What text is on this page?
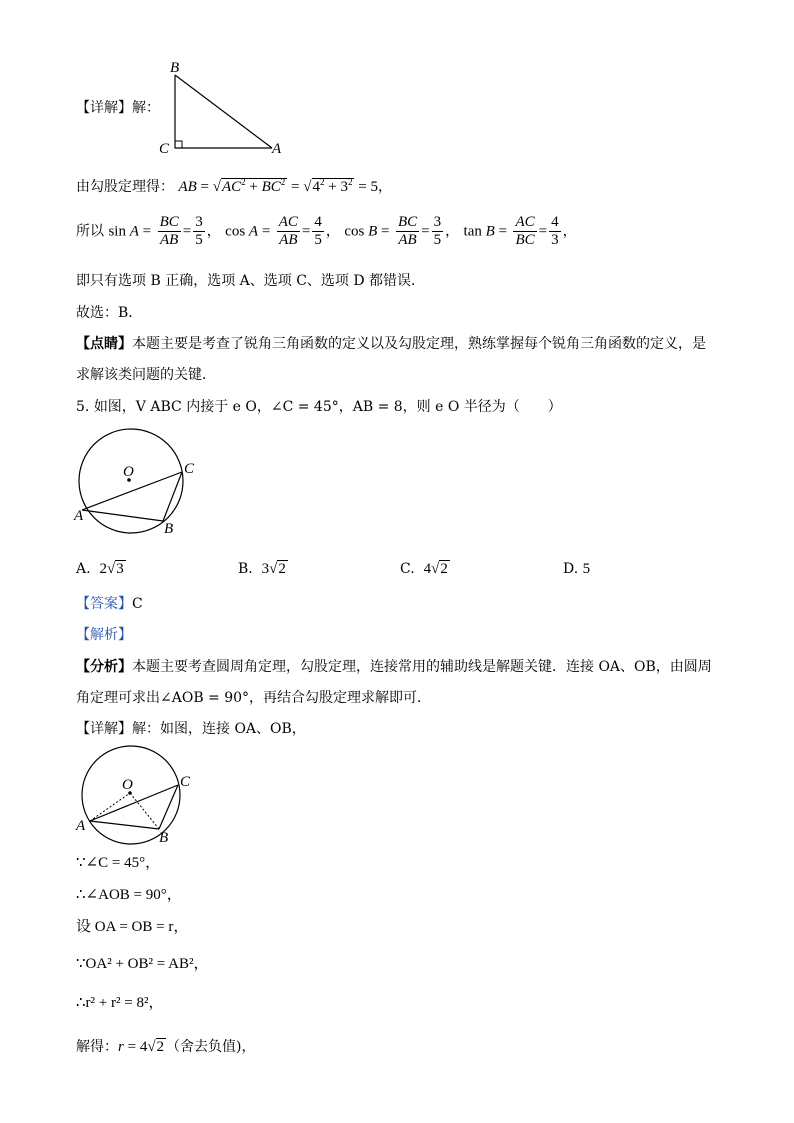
B
C	A
【详解】解：
由勾股定理得： AB = $√AC^2 + BC^2 = √4^2 + 3^2 = 5$，
所以 $\sin A = \frac{BC}{AB} = \frac{3}{5}$ ， $\cos A = \frac{AC}{AB} = \frac{4}{5}$ ， $\cos B = \frac{BC}{AB} = \frac{3}{5}$ ， $\tan B = \frac{AC}{BC} = \frac{4}{3}$ ，
即只有选项 B 正确，选项 A、选项 C、选项 D 都错误．
故选：B．
【点睛】本题主要是考查了锐角三角函数的定义以及勾股定理，熟练掌握每个锐角三角函数的定义，是
求解该类问题的关键．
5. 如图，V ABC 内接于 e O，∠C = 45°，AB = 8，则 e O 半径为（　　）
O	C
A
B
A. 2√3	B. 3√2	C. 4√2	D. 5
【答案】C
【解析】
【分析】本题主要考查圆周角定理，勾股定理，连接常用的辅助线是解题关键．连接 OA、OB，由圆周
角定理可求出∠AOB = 90°，再结合勾股定理求解即可．
【详解】解：如图，连接 OA、OB，
O	C
A
B
∵∠C = 45°，
∴∠AOB = 90°，
设 OA = OB = r，
∵OA² + OB² = AB²，
∴r² + r² = 8²，
解得：r = 4√2 （舍去负值)，
